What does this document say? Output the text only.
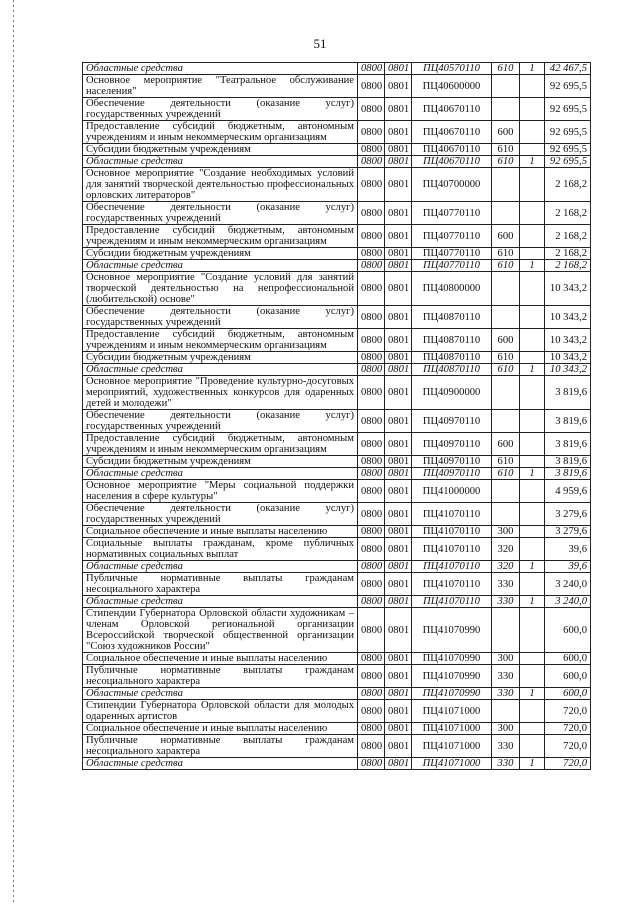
51
Областные средства	0800	0801	ПЦ40570110	610	1	42 467,5
Основное мероприятие "Театральное обслуживание населения"	0800	0801	ПЦ40600000			92 695,5
Обеспечение деятельности (оказание услуг) государственных учреждений	0800	0801	ПЦ40670110			92 695,5
Предоставление субсидий бюджетным, автономным учреждениям и иным некоммерческим организациям	0800	0801	ПЦ40670110	600		92 695,5
Субсидии бюджетным учреждениям	0800	0801	ПЦ40670110	610		92 695,5
Областные средства	0800	0801	ПЦ40670110	610	1	92 695,5
Основное мероприятие "Создание необходимых условий для занятий творческой деятельностью профессиональных орловских литераторов"	0800	0801	ПЦ40700000			2 168,2
Обеспечение деятельности (оказание услуг) государственных учреждений	0800	0801	ПЦ40770110			2 168,2
Предоставление субсидий бюджетным, автономным учреждениям и иным некоммерческим организациям	0800	0801	ПЦ40770110	600		2 168,2
Субсидии бюджетным учреждениям	0800	0801	ПЦ40770110	610		2 168,2
Областные средства	0800	0801	ПЦ40770110	610	1	2 168,2
Основное мероприятие "Создание условий для занятий творческой деятельностью на непрофессиональной (любительской) основе"	0800	0801	ПЦ40800000			10 343,2
Обеспечение деятельности (оказание услуг) государственных учреждений	0800	0801	ПЦ40870110			10 343,2
Предоставление субсидий бюджетным, автономным учреждениям и иным некоммерческим организациям	0800	0801	ПЦ40870110	600		10 343,2
Субсидии бюджетным учреждениям	0800	0801	ПЦ40870110	610		10 343,2
Областные средства	0800	0801	ПЦ40870110	610	1	10 343,2
Основное мероприятие "Проведение культурно-досуговых мероприятий, художественных конкурсов для одаренных детей и молодежи"	0800	0801	ПЦ40900000			3 819,6
Обеспечение деятельности (оказание услуг) государственных учреждений	0800	0801	ПЦ40970110			3 819,6
Предоставление субсидий бюджетным, автономным учреждениям и иным некоммерческим организациям	0800	0801	ПЦ40970110	600		3 819,6
Субсидии бюджетным учреждениям	0800	0801	ПЦ40970110	610		3 819,6
Областные средства	0800	0801	ПЦ40970110	610	1	3 819,6
Основное мероприятие "Меры социальной поддержки населения в сфере культуры"	0800	0801	ПЦ41000000			4 959,6
Обеспечение деятельности (оказание услуг) государственных учреждений	0800	0801	ПЦ41070110			3 279,6
Социальное обеспечение и иные выплаты населению	0800	0801	ПЦ41070110	300		3 279,6
Социальные выплаты гражданам, кроме публичных нормативных социальных выплат	0800	0801	ПЦ41070110	320		39,6
Областные средства	0800	0801	ПЦ41070110	320	1	39,6
Публичные нормативные выплаты гражданам несоциального характера	0800	0801	ПЦ41070110	330		3 240,0
Областные средства	0800	0801	ПЦ41070110	330	1	3 240,0
Стипендии Губернатора Орловской области художникам – членам Орловской региональной организации Всероссийской творческой общественной организации "Союз художников России"	0800	0801	ПЦ41070990			600,0
Социальное обеспечение и иные выплаты населению	0800	0801	ПЦ41070990	300		600,0
Публичные нормативные выплаты гражданам несоциального характера	0800	0801	ПЦ41070990	330		600,0
Областные средства	0800	0801	ПЦ41070990	330	1	600,0
Стипендии Губернатора Орловской области для молодых одаренных артистов	0800	0801	ПЦ41071000			720,0
Социальное обеспечение и иные выплаты населению	0800	0801	ПЦ41071000	300		720,0
Публичные нормативные выплаты гражданам несоциального характера	0800	0801	ПЦ41071000	330		720,0
Областные средства	0800	0801	ПЦ41071000	330	1	720,0
